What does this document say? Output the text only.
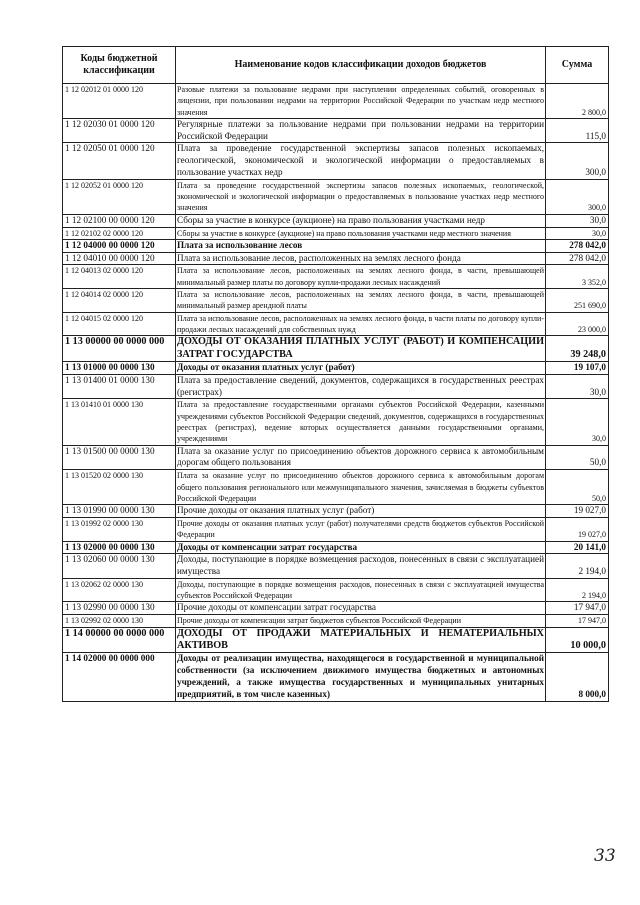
Коды бюджетной классификации	Наименование кодов классификации доходов бюджетов	Сумма
1 12 02012 01 0000 120	Разовые платежи за пользование недрами при наступлении определенных событий, оговоренных в лицензии, при пользовании недрами на территории Российской Федерации по участкам недр местного значения	2 800,0
1 12 02030 01 0000 120	Регулярные платежи за пользование недрами при пользовании недрами на территории Российской Федерации	115,0
1 12 02050 01 0000 120	Плата за проведение государственной экспертизы запасов полезных ископаемых, геологической, экономической и экологической информации о предоставляемых в пользование участках недр	300,0
1 12 02052 01 0000 120	Плата за проведение государственной экспертизы запасов полезных ископаемых, геологической, экономической и экологической информации о предоставляемых в пользование участках недр местного значения	300,0
1 12 02100 00 0000 120	Сборы за участие в конкурсе (аукционе) на право пользования участками недр	30,0
1 12 02102 02 0000 120	Сборы за участие в конкурсе (аукционе) на право пользования участками недр местного значения	30,0
1 12 04000 00 0000 120	Плата за использование лесов	278 042,0
1 12 04010 00 0000 120	Плата за использование лесов, расположенных на землях лесного фонда	278 042,0
1 12 04013 02 0000 120	Плата за использование лесов, расположенных на землях лесного фонда, в части, превышающей минимальный размер платы по договору купли-продажи лесных насаждений	3 352,0
1 12 04014 02 0000 120	Плата за использование лесов, расположенных на землях лесного фонда, в части, превышающей минимальный размер арендной платы	251 690,0
1 12 04015 02 0000 120	Плата за использование лесов, расположенных на землях лесного фонда, в части платы по договору купли-продажи лесных насаждений для собственных нужд	23 000,0
1 13 00000 00 0000 000	ДОХОДЫ ОТ ОКАЗАНИЯ ПЛАТНЫХ УСЛУГ (РАБОТ) И КОМПЕНСАЦИИ ЗАТРАТ ГОСУДАРСТВА	39 248,0
1 13 01000 00 0000 130	Доходы от оказания платных услуг (работ)	19 107,0
1 13 01400 01 0000 130	Плата за предоставление сведений, документов, содержащихся в государственных реестрах (регистрах)	30,0
1 13 01410 01 0000 130	Плата за предоставление государственными органами субъектов Российской Федерации, казенными учреждениями субъектов Российской Федерации сведений, документов, содержащихся в государственных реестрах (регистрах), ведение которых осуществляется данными государственными органами, учреждениями	30,0
1 13 01500 00 0000 130	Плата за оказание услуг по присоединению объектов дорожного сервиса к автомобильным дорогам общего пользования	50,0
1 13 01520 02 0000 130	Плата за оказание услуг по присоединению объектов дорожного сервиса к автомобильным дорогам общего пользования регионального или межмуниципального значения, зачисляемая в бюджеты субъектов Российской Федерации	50,0
1 13 01990 00 0000 130	Прочие доходы от оказания платных услуг (работ)	19 027,0
1 13 01992 02 0000 130	Прочие доходы от оказания платных услуг (работ) получателями средств бюджетов субъектов Российской Федерации	19 027,0
1 13 02000 00 0000 130	Доходы от компенсации затрат государства	20 141,0
1 13 02060 00 0000 130	Доходы, поступающие в порядке возмещения расходов, понесенных в связи с эксплуатацией имущества	2 194,0
1 13 02062 02 0000 130	Доходы, поступающие в порядке возмещения расходов, понесенных в связи с эксплуатацией имущества субъектов Российской Федерации	2 194,0
1 13 02990 00 0000 130	Прочие доходы от компенсации затрат государства	17 947,0
1 13 02992 02 0000 130	Прочие доходы от компенсации затрат бюджетов субъектов Российской Федерации	17 947,0
1 14 00000 00 0000 000	ДОХОДЫ ОТ ПРОДАЖИ МАТЕРИАЛЬНЫХ И НЕМАТЕРИАЛЬНЫХ АКТИВОВ	10 000,0
1 14 02000 00 0000 000	Доходы от реализации имущества, находящегося в государственной и муниципальной собственности (за исключением движимого имущества бюджетных и автономных учреждений, а также имущества государственных и муниципальных унитарных предприятий, в том числе казенных)	8 000,0
33
